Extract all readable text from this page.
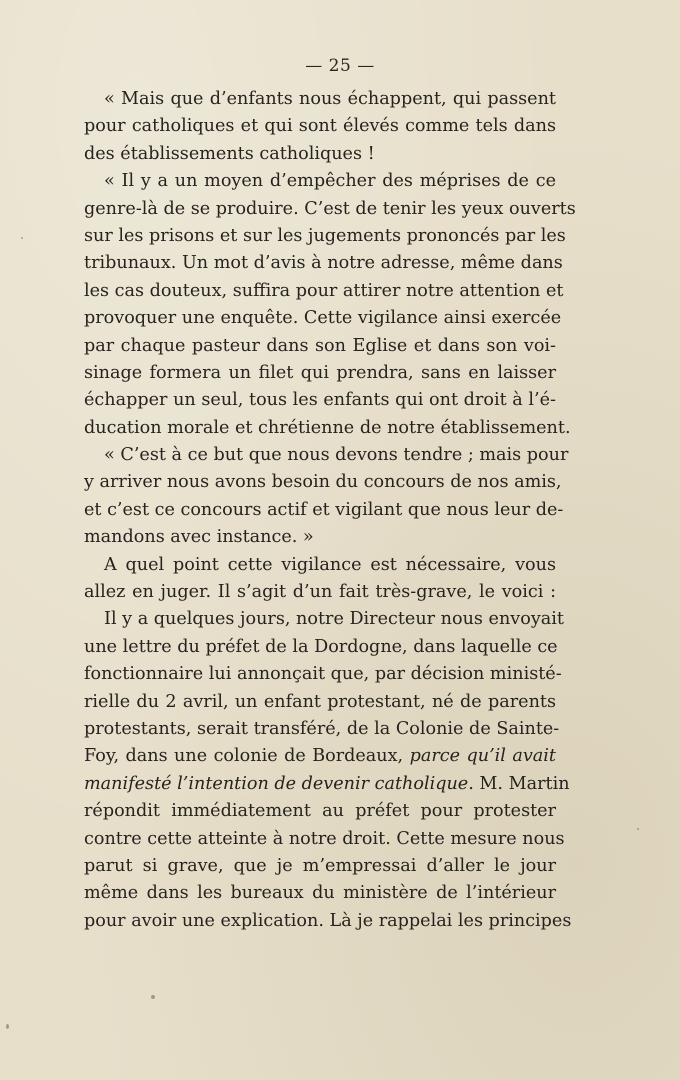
— 25 —
« Mais que d’enfants nous échappent, qui passent
pour catholiques et qui sont élevés comme tels dans
des établissements catholiques !
« Il y a un moyen d’empêcher des méprises de ce
genre-là de se produire. C’est de tenir les yeux ouverts
sur les prisons et sur les jugements prononcés par les
tribunaux. Un mot d’avis à notre adresse, même dans
les cas douteux, suffira pour attirer notre attention et
provoquer une enquête. Cette vigilance ainsi exercée
par chaque pasteur dans son Eglise et dans son voi-
sinage formera un filet qui prendra, sans en laisser
échapper un seul, tous les enfants qui ont droit à l’é-
ducation morale et chrétienne de notre établissement.
« C’est à ce but que nous devons tendre ; mais pour
y arriver nous avons besoin du concours de nos amis,
et c’est ce concours actif et vigilant que nous leur de-
mandons avec instance. »
A quel point cette vigilance est nécessaire, vous
allez en juger. Il s’agit d’un fait très-grave, le voici :
Il y a quelques jours, notre Directeur nous envoyait
une lettre du préfet de la Dordogne, dans laquelle ce
fonctionnaire lui annonçait que, par décision ministé-
rielle du 2 avril, un enfant protestant, né de parents
protestants, serait transféré, de la Colonie de Sainte-
Foy, dans une colonie de Bordeaux, parce qu’il avait
manifesté l’intention de devenir catholique. M. Martin
répondit immédiatement au préfet pour protester
contre cette atteinte à notre droit. Cette mesure nous
parut si grave, que je m’empressai d’aller le jour
même dans les bureaux du ministère de l’intérieur
pour avoir une explication. Là je rappelai les principes
